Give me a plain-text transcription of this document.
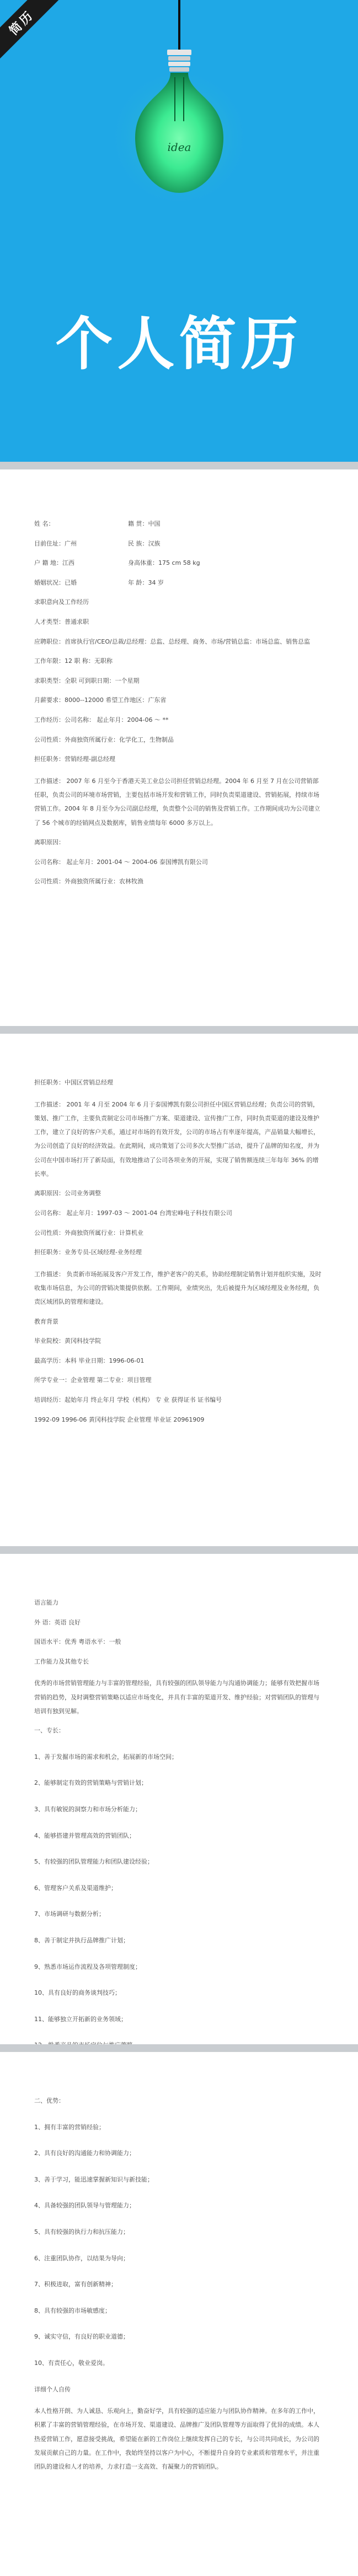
简历
idea
个人简历
姓 名：	籍 贯：中国
目前住址：广州	民 族：汉族
户 籍 地：江西	身高体重：175 cm 58 kg
婚姻状况：已婚	年 龄：34 岁
求职意向及工作经历
人才类型：普通求职
应聘职位：首席执行官/CEO/总裁/总经理：总监、总经理、商务、市场/营销总监：市场总监、销售总监
工作年限：12 职 称：无职称
求职类型：全职 可到职日期：一个星期
月薪要求：8000--12000 希望工作地区：广东省
工作经历：公司名称： 起止年月：2004-06 ～ **
公司性质：外商独资所属行业：化学化工，生物制品
担任职务：营销经理-副总经理

工作描述： 2007 年 6 月至今于香港天美工业总公司担任营销总经理。2004 年 6 月至 7 月在公司营销部任职，负责公司的环境市场营销，主要包括市场开发和营销工作，同时负责渠道建设、营销拓展，持续市场营销工作。2004 年 8 月至今为公司副总经理，负责整个公司的销售及营销工作。工作期间成功为公司建立了 56 个城市的经销网点及数据库，销售业绩每年 6000 多万以上。

离职原因：
公司名称： 起止年月：2001-04 ～ 2004-06 泰国博凯有限公司
公司性质：外商独资所属行业：农林牧渔
担任职务：中国区营销总经理

工作描述： 2001 年 4 月至 2004 年 6 月于泰国博凯有限公司担任中国区营销总经理；负责公司的营销，策划、推广工作，主要负责制定公司市场推广方案、渠道建设、宣传推广工作，同时负责渠道的建设及维护工作，建立了良好的客户关系，通过对市场的有效开发，公司的市场占有率逐年提高，产品销量大幅增长，为公司创造了良好的经济效益。在此期间，成功策划了公司多次大型推广活动，提升了品牌的知名度，并为公司在中国市场打开了新局面，有效地推动了公司各项业务的开展，实现了销售额连续三年每年 36% 的增长率。

离职原因：公司业务调整
公司名称： 起止年月：1997-03 ～ 2001-04 台湾宏峰电子科技有限公司
公司性质：外商独资所属行业：计算机业
担任职务：业务专员-区域经理-业务经理

工作描述： 负责新市场拓展及客户开发工作，维护老客户的关系，协助经理制定销售计划并组织实施，及时收集市场信息，为公司的营销决策提供依据。工作期间，业绩突出，先后被提升为区域经理及业务经理，负责区域团队的管理和建设。

教育背景
毕业院校：黄冈科技学院
最高学历：本科 毕业日期：1996-06-01
所学专业一：企业管理 第二专业：项目管理
培训经历：起始年月 终止年月 学校（机构） 专 业 获得证书 证书编号
1992-09 1996-06 黄冈科技学院 企业管理 毕业证 20961909
语言能力
外 语：英语 良好
国语水平：优秀 粤语水平：一般
工作能力及其他专长

优秀的市场营销管理能力与丰富的管理经验，具有较强的团队领导能力与沟通协调能力；能够有效把握市场营销的趋势，及时调整营销策略以适应市场变化，并具有丰富的渠道开发、维护经验；对营销团队的管理与培训有独到见解。

一、专长：
1、善于发掘市场的需求和机会，拓展新的市场空间；
2、能够制定有效的营销策略与营销计划；
3、具有敏锐的洞察力和市场分析能力；
4、能够搭建并管理高效的营销团队；
5、有较强的团队管理能力和团队建设经验；
6、管理客户关系及渠道维护；
7、市场调研与数据分析；
8、善于制定并执行品牌推广计划；
9、熟悉市场运作流程及各项管理制度；
10、具有良好的商务谈判技巧；
11、能够独立开拓新的业务领域；
二、优势：
1、拥有丰富的营销经验；
2、具有良好的沟通能力和协调能力；
3、善于学习，能迅速掌握新知识与新技能；
4、具备较强的团队领导与管理能力；
5、具有较强的执行力和抗压能力；
6、注重团队协作，以结果为导向；
7、积极进取，富有创新精神；
8、具有较强的市场敏感度；
9、诚实守信，有良好的职业道德；
10、有责任心，敬业爱岗。
详细个人自传

本人性格开朗、为人诚恳、乐观向上，勤奋好学，具有较强的适应能力与团队协作精神。在多年的工作中，积累了丰富的营销管理经验，在市场开发、渠道建设、品牌推广及团队管理等方面取得了优异的成绩。本人热爱营销工作，愿意接受挑战，希望能在新的工作岗位上继续发挥自己的专长，与公司共同成长，为公司的发展贡献自己的力量。在工作中，我始终坚持以客户为中心，不断提升自身的专业素质和管理水平，并注重团队的建设和人才的培养，力求打造一支高效、有凝聚力的营销团队。
